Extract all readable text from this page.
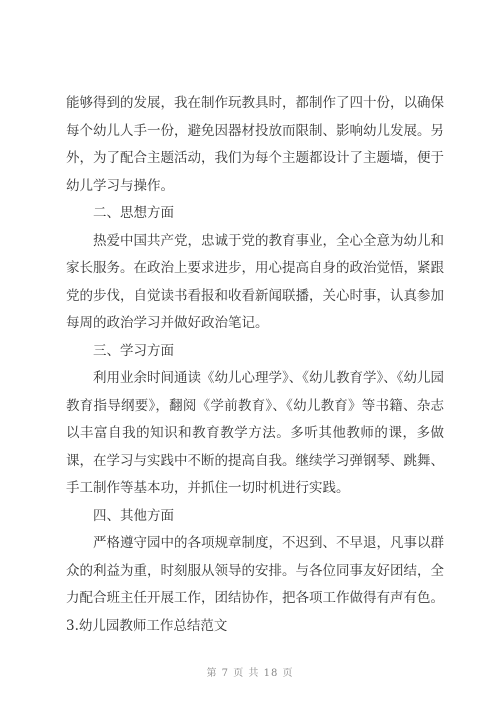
能够得到的发展，我在制作玩教具时，都制作了四十份，以确保每个幼儿人手一份，避免因器材投放而限制、影响幼儿发展。另外，为了配合主题活动，我们为每个主题都设计了主题墙，便于幼儿学习与操作。

二、思想方面

热爱中国共产党，忠诚于党的教育事业，全心全意为幼儿和家长服务。在政治上要求进步，用心提高自身的政治觉悟，紧跟党的步伐，自觉读书看报和收看新闻联播，关心时事，认真参加每周的政治学习并做好政治笔记。

三、学习方面

利用业余时间通读《幼儿心理学》、《幼儿教育学》、《幼儿园教育指导纲要》，翻阅《学前教育》、《幼儿教育》等书籍、杂志以丰富自我的知识和教育教学方法。多听其他教师的课，多做课，在学习与实践中不断的提高自我。继续学习弹钢琴、跳舞、手工制作等基本功，并抓住一切时机进行实践。

四、其他方面

严格遵守园中的各项规章制度，不迟到、不早退，凡事以群众的利益为重，时刻服从领导的安排。与各位同事友好团结，全力配合班主任开展工作，团结协作，把各项工作做得有声有色。

3.幼儿园教师工作总结范文

第 7 页 共 18 页
